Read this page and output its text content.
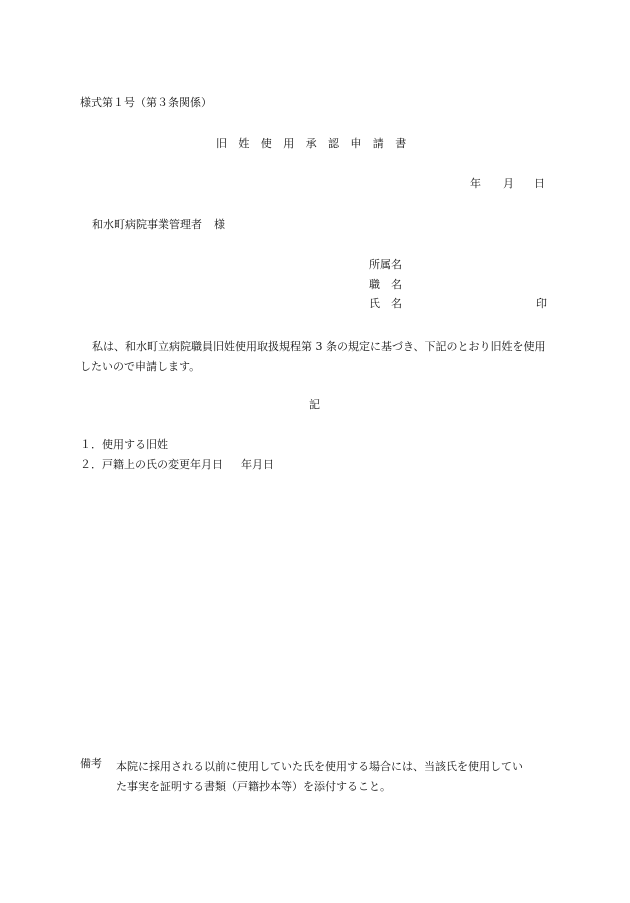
様式第１号（第３条関係）
旧姓使用承認申請書
年 月 日
和水町病院事業管理者 様
所属名
職　名
氏　名	印
私は、和水町立病院職員旧姓使用取扱規程第 3 条の規定に基づき、下記のとおり旧姓を使用したいので申請します。
記
１．使用する旧姓
２．戸籍上の氏の変更年月日 年月日
備考 本院に採用される以前に使用していた氏を使用する場合には、当該氏を使用してい
た事実を証明する書類（戸籍抄本等）を添付すること。
